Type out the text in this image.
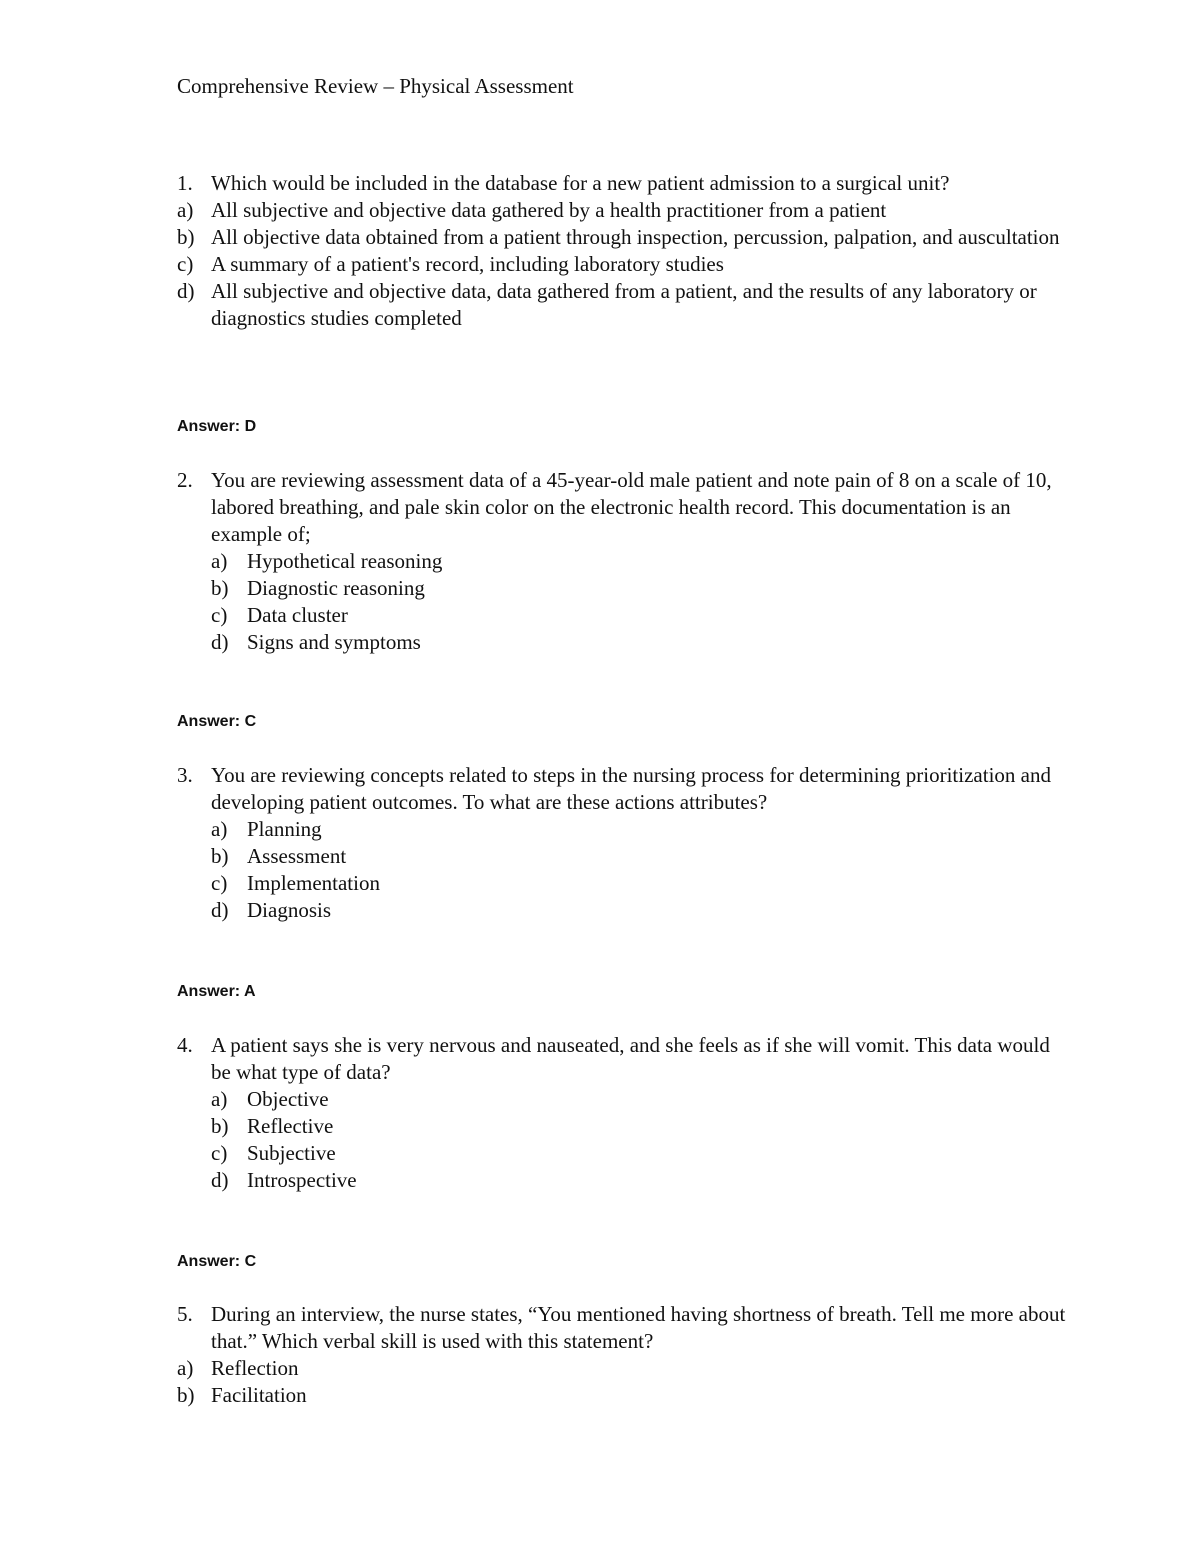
Comprehensive Review – Physical Assessment
1. Which would be included in the database for a new patient admission to a surgical unit?
a) All subjective and objective data gathered by a health practitioner from a patient
b) All objective data obtained from a patient through inspection, percussion, palpation, and auscultation
c) A summary of a patient's record, including laboratory studies
d) All subjective and objective data, data gathered from a patient, and the results of any laboratory or diagnostics studies completed
Answer: D
2. You are reviewing assessment data of a 45-year-old male patient and note pain of 8 on a scale of 10, labored breathing, and pale skin color on the electronic health record. This documentation is an example of;
a) Hypothetical reasoning
b) Diagnostic reasoning
c) Data cluster
d) Signs and symptoms
Answer: C
3. You are reviewing concepts related to steps in the nursing process for determining prioritization and developing patient outcomes. To what are these actions attributes?
a) Planning
b) Assessment
c) Implementation
d) Diagnosis
Answer: A
4. A patient says she is very nervous and nauseated, and she feels as if she will vomit. This data would be what type of data?
a) Objective
b) Reflective
c) Subjective
d) Introspective
Answer: C
5. During an interview, the nurse states, “You mentioned having shortness of breath. Tell me more about that.” Which verbal skill is used with this statement?
a) Reflection
b) Facilitation
